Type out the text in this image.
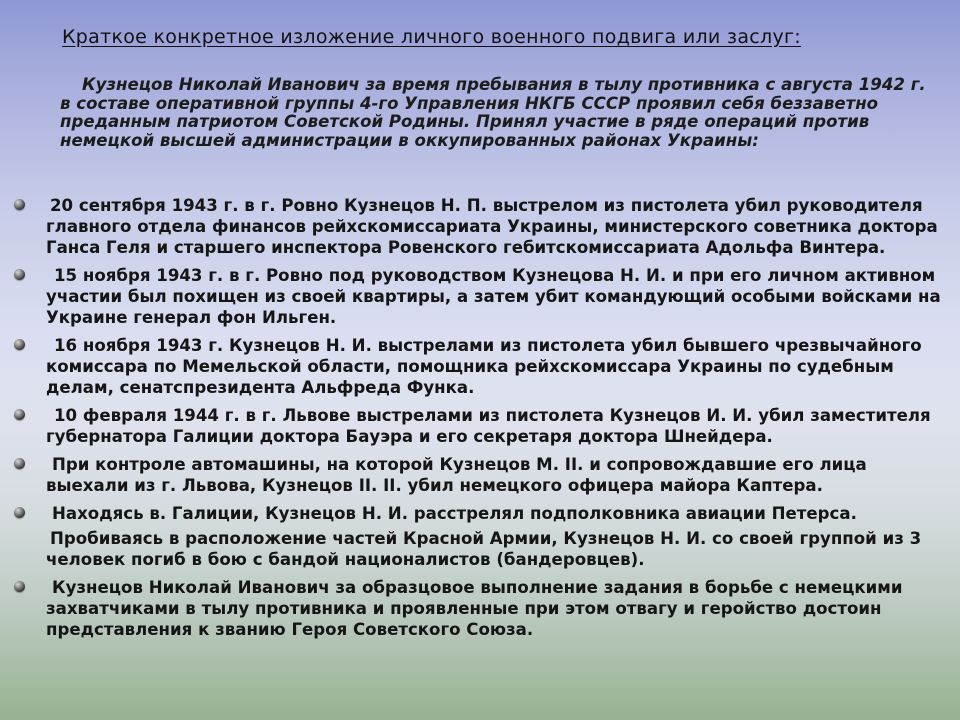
Краткое конкретное изложение личного военного подвига или заслуг:
Кузнецов Николай Иванович за время пребывания в тылу противника с августа 1942 г. в составе оперативной группы 4-го Управления НКГБ СССР проявил себя беззаветно преданным патриотом Советской Родины. Принял участие в ряде операций против немецкой высшей администрации в оккупированных районах Украины:
20 сентября 1943 г. в г. Ровно Кузнецов Н. П. выстрелом из пистолета убил руководителя главного отдела финансов рейхскомиссариата Украины, министерского советника доктора Ганса Геля и старшего инспектора Ровенского гебитскомиссариата Адольфа Винтера.
15 ноября 1943 г. в г. Ровно под руководством Кузнецова Н. И. и при его личном активном участии был похищен из своей квартиры, а затем убит командующий особыми войсками на Украине генерал фон Ильген.
16 ноября 1943 г. Кузнецов Н. И. выстрелами из пистолета убил бывшего чрезвычайного комиссара по Мемельской области, помощника рейхскомиссара Украины по судебным делам, сенатспрезидента Альфреда Функа.
10 февраля 1944 г. в г. Львове выстрелами из пистолета Кузнецов И. И. убил заместителя губернатора Галиции доктора Бауэра и его секретаря доктора Шнейдера.
При контроле автомашины, на которой Кузнецов М. II. и сопровождавшие его лица выехали из г. Львова, Кузнецов II. II. убил немецкого офицера майора Каптера.
Находясь в. Галиции, Кузнецов Н. И. расстрелял подполковника авиации Петерса.
Пробиваясь в расположение частей Красной Армии, Кузнецов Н. И. со своей группой из 3 человек погиб в бою с бандой националистов (бандеровцев).
Кузнецов Николай Иванович за образцовое выполнение задания в борьбе с немецкими захватчиками в тылу противника и проявленные при этом отвагу и геройство достоин представления к званию Героя Советского Союза.
